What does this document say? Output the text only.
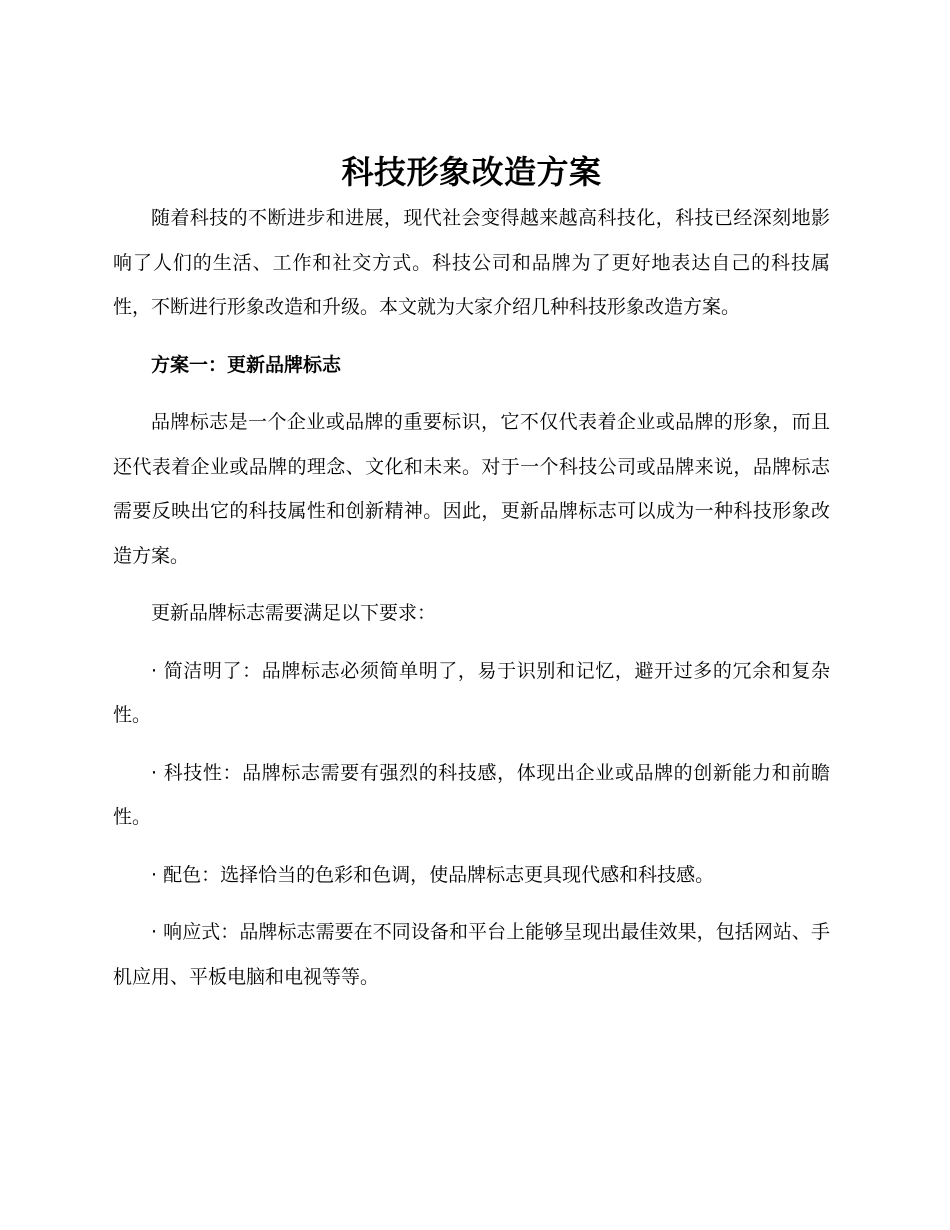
科技形象改造方案

随着科技的不断进步和进展，现代社会变得越来越高科技化，科技已经深刻地影响了人们的生活、工作和社交方式。科技公司和品牌为了更好地表达自己的科技属性，不断进行形象改造和升级。本文就为大家介绍几种科技形象改造方案。

方案一：更新品牌标志

品牌标志是一个企业或品牌的重要标识，它不仅代表着企业或品牌的形象，而且还代表着企业或品牌的理念、文化和未来。对于一个科技公司或品牌来说，品牌标志需要反映出它的科技属性和创新精神。因此，更新品牌标志可以成为一种科技形象改造方案。

更新品牌标志需要满足以下要求：

· 简洁明了：品牌标志必须简单明了，易于识别和记忆，避开过多的冗余和复杂性。

· 科技性：品牌标志需要有强烈的科技感，体现出企业或品牌的创新能力和前瞻性。

· 配色：选择恰当的色彩和色调，使品牌标志更具现代感和科技感。

· 响应式：品牌标志需要在不同设备和平台上能够呈现出最佳效果，包括网站、手机应用、平板电脑和电视等等。
